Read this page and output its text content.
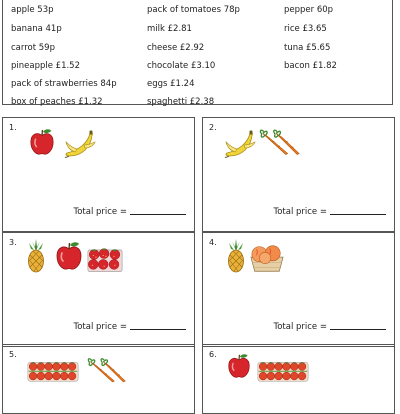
apple 53p
banana 41p
carrot 59p
pineapple £1.52
pack of strawberries 84p
box of peaches £1.32
pack of tomatoes 78p
milk £2.81
cheese £2.92
chocolate £3.10
eggs £1.24
spaghetti £2.38
pepper 60p
rice £3.65
tuna £5.65
bacon £1.82
1.
Total price =
2.
Total price =
3.
Total price =
4.
Total price =
5.	6.
